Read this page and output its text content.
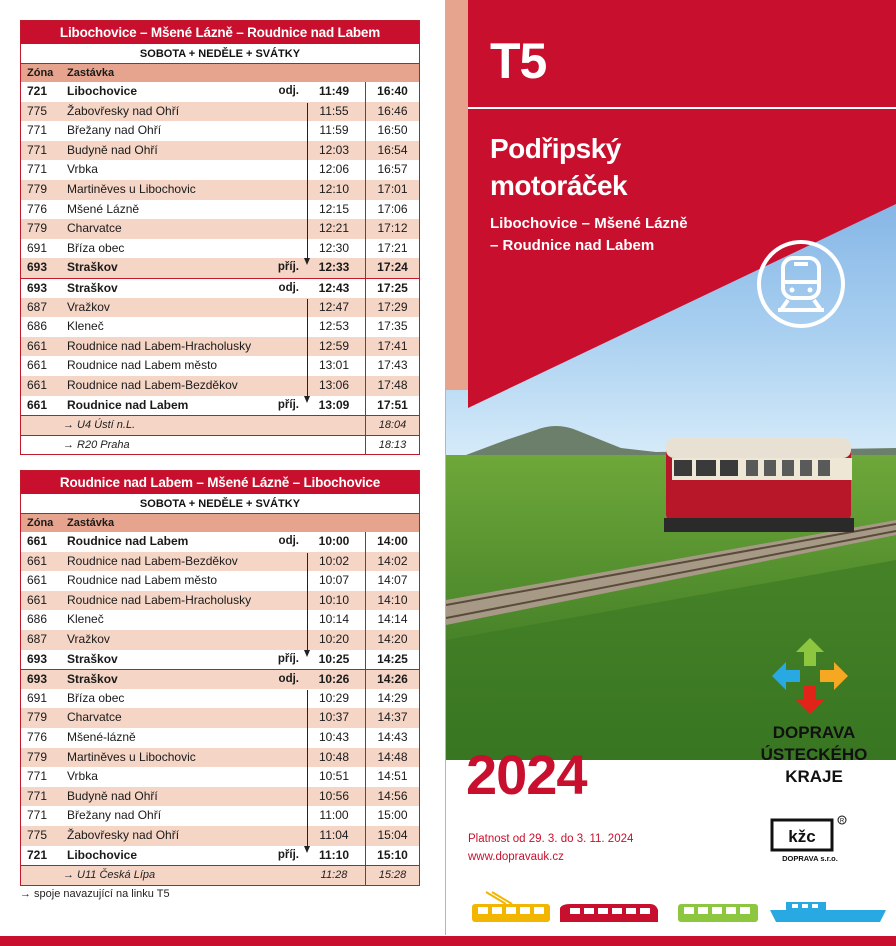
Libochovice – Mšené Lázně – Roudnice nad Labem
SOBOTA + NEDĚLE + SVÁTKY
Zóna	Zastávka
721	Libochovice	odj.	11:49	16:40
775	Žabovřesky nad Ohří	11:55	16:46
771	Břežany nad Ohří	11:59	16:50
771	Budyně nad Ohří	12:03	16:54
771	Vrbka	12:06	16:57
779	Martiněves u Libochovic	12:10	17:01
776	Mšené Lázně	12:15	17:06
779	Charvatce	12:21	17:12
691	Bříza obec	12:30	17:21
693	Straškov	příj.	12:33	17:24
693	Straškov	odj.	12:43	17:25
687	Vražkov	12:47	17:29
686	Kleneč	12:53	17:35
661	Roudnice nad Labem-Hracholusky	12:59	17:41
661	Roudnice nad Labem město	13:01	17:43
661	Roudnice nad Labem-Bezděkov	13:06	17:48
661	Roudnice nad Labem	příj.	13:09	17:51
→ U4 Ústí n.L.	18:04
→ R20 Praha	18:13
Roudnice nad Labem – Mšené Lázně – Libochovice
SOBOTA + NEDĚLE + SVÁTKY
Zóna	Zastávka
661	Roudnice nad Labem	odj.	10:00	14:00
661	Roudnice nad Labem-Bezděkov	10:02	14:02
661	Roudnice nad Labem město	10:07	14:07
661	Roudnice nad Labem-Hracholusky	10:10	14:10
686	Kleneč	10:14	14:14
687	Vražkov	10:20	14:20
693	Straškov	příj.	10:25	14:25
693	Straškov	odj.	10:26	14:26
691	Bříza obec	10:29	14:29
779	Charvatce	10:37	14:37
776	Mšené-lázně	10:43	14:43
779	Martiněves u Libochovic	10:48	14:48
771	Vrbka	10:51	14:51
771	Budyně nad Ohří	10:56	14:56
771	Břežany nad Ohří	11:00	15:00
775	Žabovřesky nad Ohří	11:04	15:04
721	Libochovice	příj.	11:10	15:10
→ U11 Česká Lípa	11:28	15:28
→ spoje navazující na linku T5
T5
Podřipský motoráček
Libochovice – Mšené Lázně
– Roudnice nad Labem
2024
Platnost od 29. 3. do 3. 11. 2024
www.dopravauk.cz
DOPRAVA
ÚSTECKÉHO
KRAJE
kžc
R
DOPRAVA s.r.o.
